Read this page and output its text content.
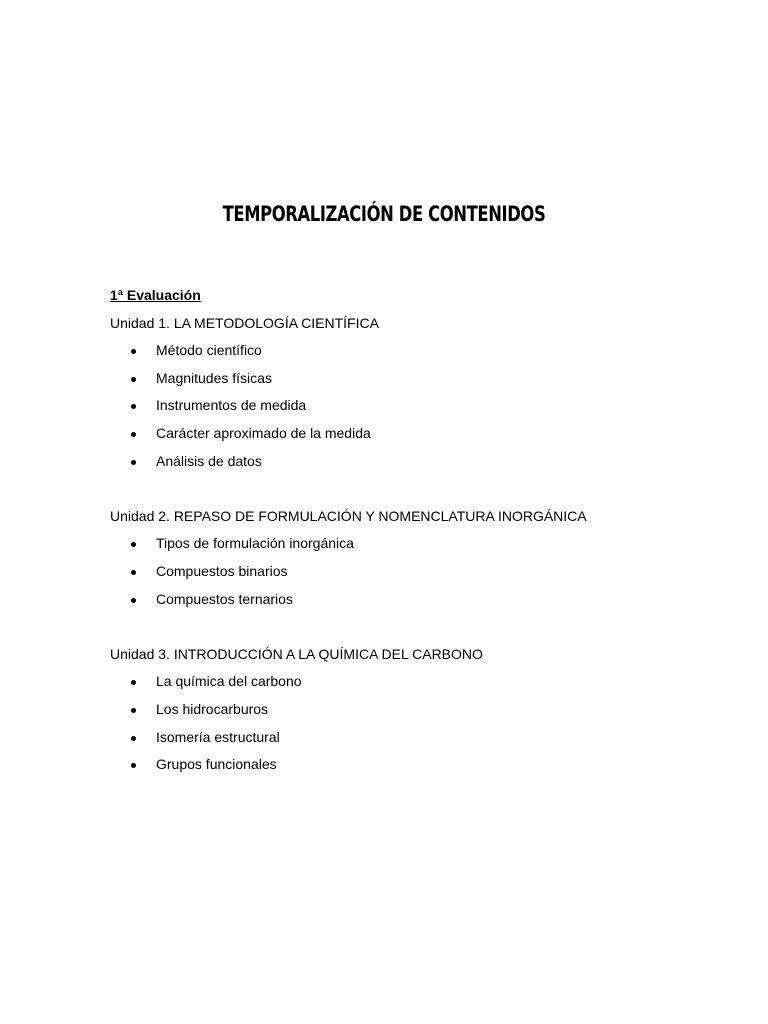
TEMPORALIZACIÓN DE CONTENIDOS
1ª Evaluación
Unidad 1. LA METODOLOGÍA CIENTÍFICA
Método científico
Magnitudes físicas
Instrumentos de medida
Carácter aproximado de la medida
Análisis de datos
Unidad 2. REPASO DE FORMULACIÓN Y NOMENCLATURA INORGÁNICA
Tipos de formulación inorgánica
Compuestos binarios
Compuestos ternarios
Unidad 3. INTRODUCCIÓN A LA QUÍMICA DEL CARBONO
La química del carbono
Los hidrocarburos
Isomería estructural
Grupos funcionales
